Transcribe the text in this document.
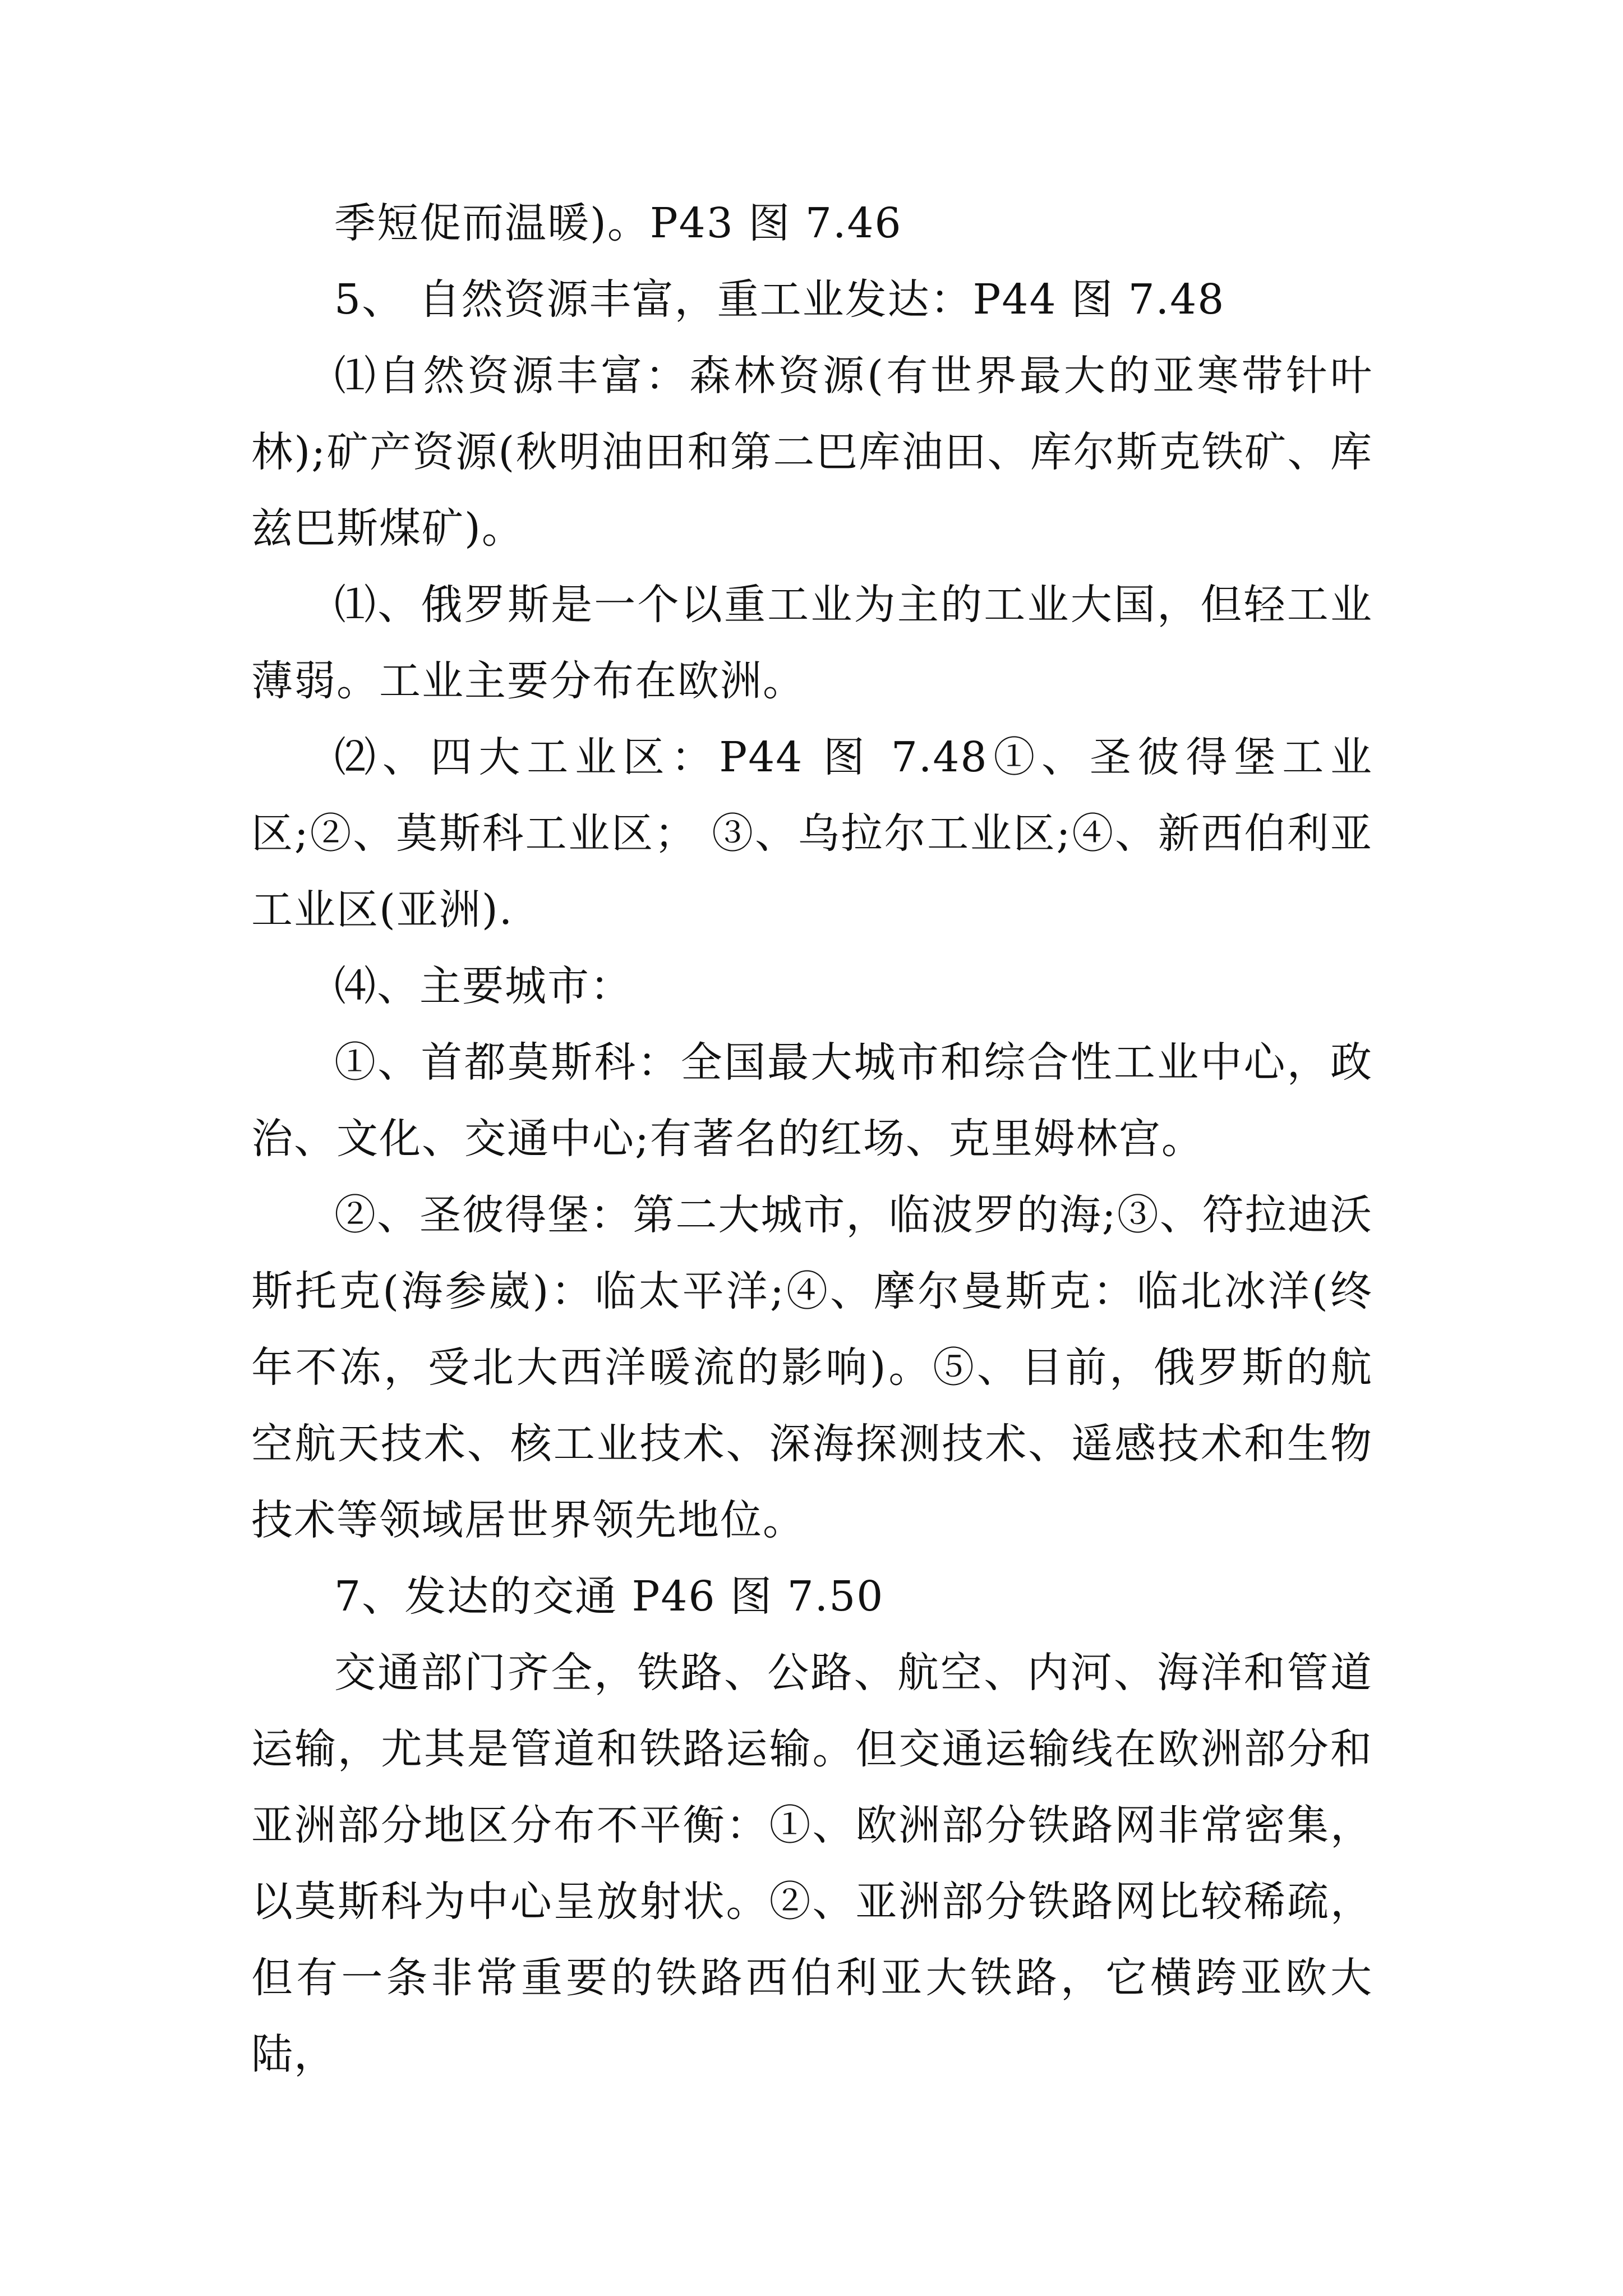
季短促而温暖)。P43 图 7.46

5、 自然资源丰富，重工业发达：P44 图 7.48

⑴自然资源丰富：森林资源(有世界最大的亚寒带针叶林);矿产资源(秋明油田和第二巴库油田、库尔斯克铁矿、库兹巴斯煤矿)。

⑴、俄罗斯是一个以重工业为主的工业大国，但轻工业薄弱。工业主要分布在欧洲。

⑵、四大工业区：P44 图 7.48①、圣彼得堡工业区;②、莫斯科工业区； ③、乌拉尔工业区;④、新西伯利亚工业区(亚洲).

⑷、主要城市：

①、首都莫斯科：全国最大城市和综合性工业中心，政治、文化、交通中心;有著名的红场、克里姆林宫。

②、圣彼得堡：第二大城市，临波罗的海;③、符拉迪沃斯托克(海参崴)：临太平洋;④、摩尔曼斯克：临北冰洋(终年不冻，受北大西洋暖流的影响)。⑤、目前，俄罗斯的航空航天技术、核工业技术、深海探测技术、遥感技术和生物技术等领域居世界领先地位。

7、发达的交通 P46 图 7.50

交通部门齐全，铁路、公路、航空、内河、海洋和管道运输，尤其是管道和铁路运输。但交通运输线在欧洲部分和亚洲部分地区分布不平衡：①、欧洲部分铁路网非常密集，以莫斯科为中心呈放射状。②、亚洲部分铁路网比较稀疏，但有一条非常重要的铁路西伯利亚大铁路，它横跨亚欧大陆，
